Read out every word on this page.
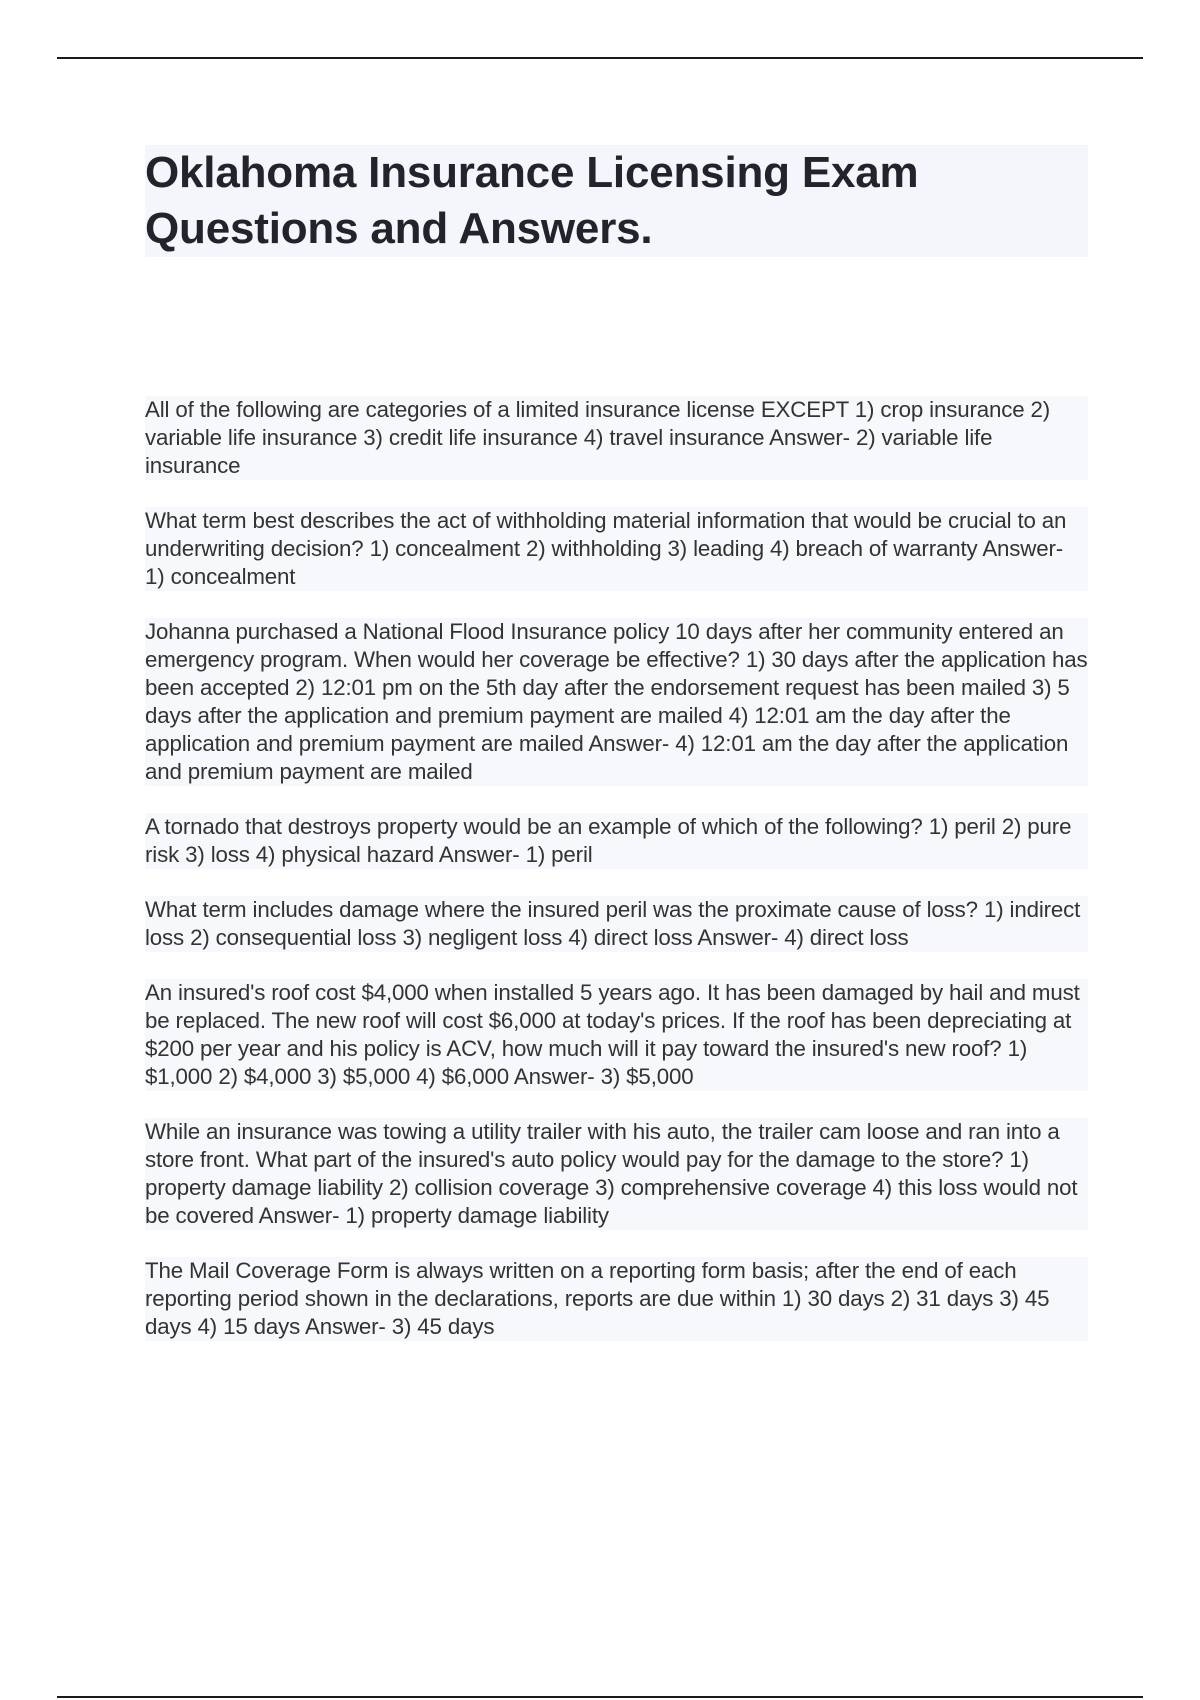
Oklahoma Insurance Licensing Exam Questions and Answers.

All of the following are categories of a limited insurance license EXCEPT 1) crop insurance 2) variable life insurance 3) credit life insurance 4) travel insurance Answer- 2) variable life insurance

What term best describes the act of withholding material information that would be crucial to an underwriting decision? 1) concealment 2) withholding 3) leading 4) breach of warranty Answer- 1) concealment

Johanna purchased a National Flood Insurance policy 10 days after her community entered an emergency program. When would her coverage be effective? 1) 30 days after the application has been accepted 2) 12:01 pm on the 5th day after the endorsement request has been mailed 3) 5 days after the application and premium payment are mailed 4) 12:01 am the day after the application and premium payment are mailed Answer- 4) 12:01 am the day after the application and premium payment are mailed

A tornado that destroys property would be an example of which of the following? 1) peril 2) pure risk 3) loss 4) physical hazard Answer- 1) peril

What term includes damage where the insured peril was the proximate cause of loss? 1) indirect loss 2) consequential loss 3) negligent loss 4) direct loss Answer- 4) direct loss

An insured's roof cost $4,000 when installed 5 years ago. It has been damaged by hail and must be replaced. The new roof will cost $6,000 at today's prices. If the roof has been depreciating at $200 per year and his policy is ACV, how much will it pay toward the insured's new roof? 1) $1,000 2) $4,000 3) $5,000 4) $6,000 Answer- 3) $5,000

While an insurance was towing a utility trailer with his auto, the trailer cam loose and ran into a store front. What part of the insured's auto policy would pay for the damage to the store? 1) property damage liability 2) collision coverage 3) comprehensive coverage 4) this loss would not be covered Answer- 1) property damage liability

The Mail Coverage Form is always written on a reporting form basis; after the end of each reporting period shown in the declarations, reports are due within 1) 30 days 2) 31 days 3) 45 days 4) 15 days Answer- 3) 45 days
